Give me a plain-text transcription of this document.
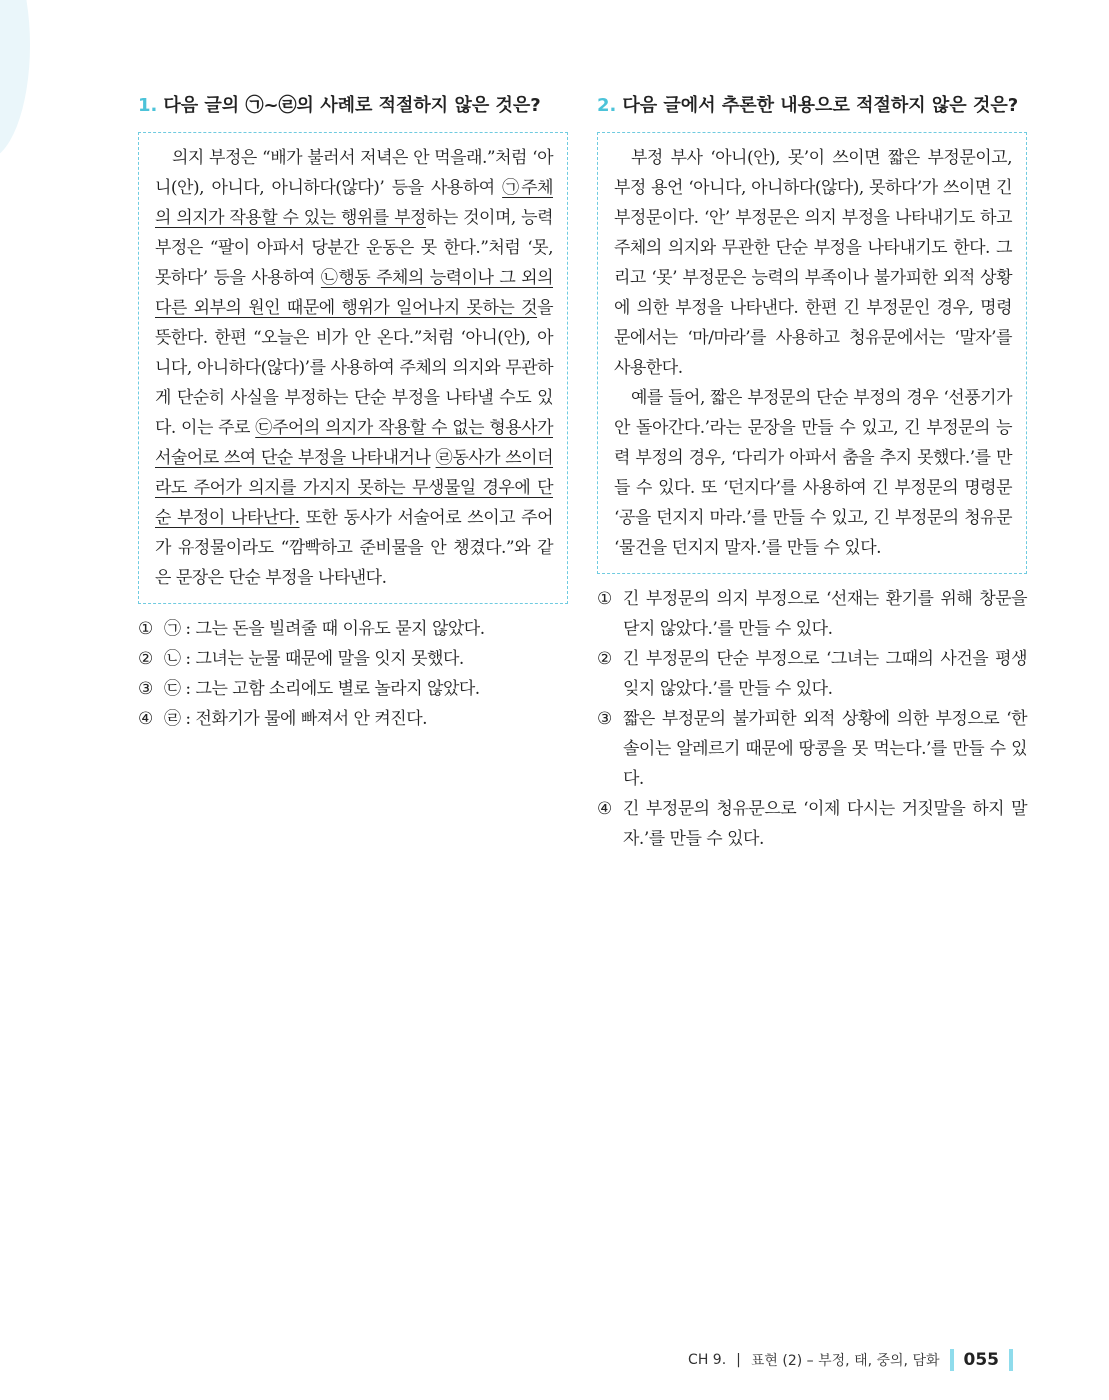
1. 다음 글의 ㉠~㉣의 사례로 적절하지 않은 것은?

의지 부정은 “배가 불러서 저녁은 안 먹을래.”처럼 ‘아니(안), 아니다, 아니하다(않다)’ 등을 사용하여 ㉠주체의 의지가 작용할 수 있는 행위를 부정하는 것이며, 능력 부정은 “팔이 아파서 당분간 운동은 못 한다.”처럼 ‘못, 못하다’ 등을 사용하여 ㉡행동 주체의 능력이나 그 외의 다른 외부의 원인 때문에 행위가 일어나지 못하는 것을 뜻한다. 한편 “오늘은 비가 안 온다.”처럼 ‘아니(안), 아니다, 아니하다(않다)’를 사용하여 주체의 의지와 무관하게 단순히 사실을 부정하는 단순 부정을 나타낼 수도 있다. 이는 주로 ㉢주어의 의지가 작용할 수 없는 형용사가 서술어로 쓰여 단순 부정을 나타내거나 ㉣동사가 쓰이더라도 주어가 의지를 가지지 못하는 무생물일 경우에 단순 부정이 나타난다. 또한 동사가 서술어로 쓰이고 주어가 유정물이라도 “깜빡하고 준비물을 안 챙겼다.”와 같은 문장은 단순 부정을 나타낸다.

① ㉠ : 그는 돈을 빌려줄 때 이유도 묻지 않았다.
② ㉡ : 그녀는 눈물 때문에 말을 잇지 못했다.
③ ㉢ : 그는 고함 소리에도 별로 놀라지 않았다.
④ ㉣ : 전화기가 물에 빠져서 안 켜진다.
2. 다음 글에서 추론한 내용으로 적절하지 않은 것은?

부정 부사 ‘아니(안), 못’이 쓰이면 짧은 부정문이고, 부정 용언 ‘아니다, 아니하다(않다), 못하다’가 쓰이면 긴 부정문이다. ‘안’ 부정문은 의지 부정을 나타내기도 하고 주체의 의지와 무관한 단순 부정을 나타내기도 한다. 그리고 ‘못’ 부정문은 능력의 부족이나 불가피한 외적 상황에 의한 부정을 나타낸다. 한편 긴 부정문인 경우, 명령문에서는 ‘마/마라’를 사용하고 청유문에서는 ‘말자’를 사용한다.

예를 들어, 짧은 부정문의 단순 부정의 경우 ‘선풍기가 안 돌아간다.’라는 문장을 만들 수 있고, 긴 부정문의 능력 부정의 경우, ‘다리가 아파서 춤을 추지 못했다.’를 만들 수 있다. 또 ‘던지다’를 사용하여 긴 부정문의 명령문 ‘공을 던지지 마라.’를 만들 수 있고, 긴 부정문의 청유문 ‘물건을 던지지 말자.’를 만들 수 있다.

① 긴 부정문의 의지 부정으로 ‘선재는 환기를 위해 창문을 닫지 않았다.’를 만들 수 있다.
② 긴 부정문의 단순 부정으로 ‘그녀는 그때의 사건을 평생 잊지 않았다.’를 만들 수 있다.
③ 짧은 부정문의 불가피한 외적 상황에 의한 부정으로 ‘한솔이는 알레르기 때문에 땅콩을 못 먹는다.’를 만들 수 있다.
④ 긴 부정문의 청유문으로 ‘이제 다시는 거짓말을 하지 말자.’를 만들 수 있다.
CH 9. | 표현 (2) – 부정, 태, 중의, 담화 055
